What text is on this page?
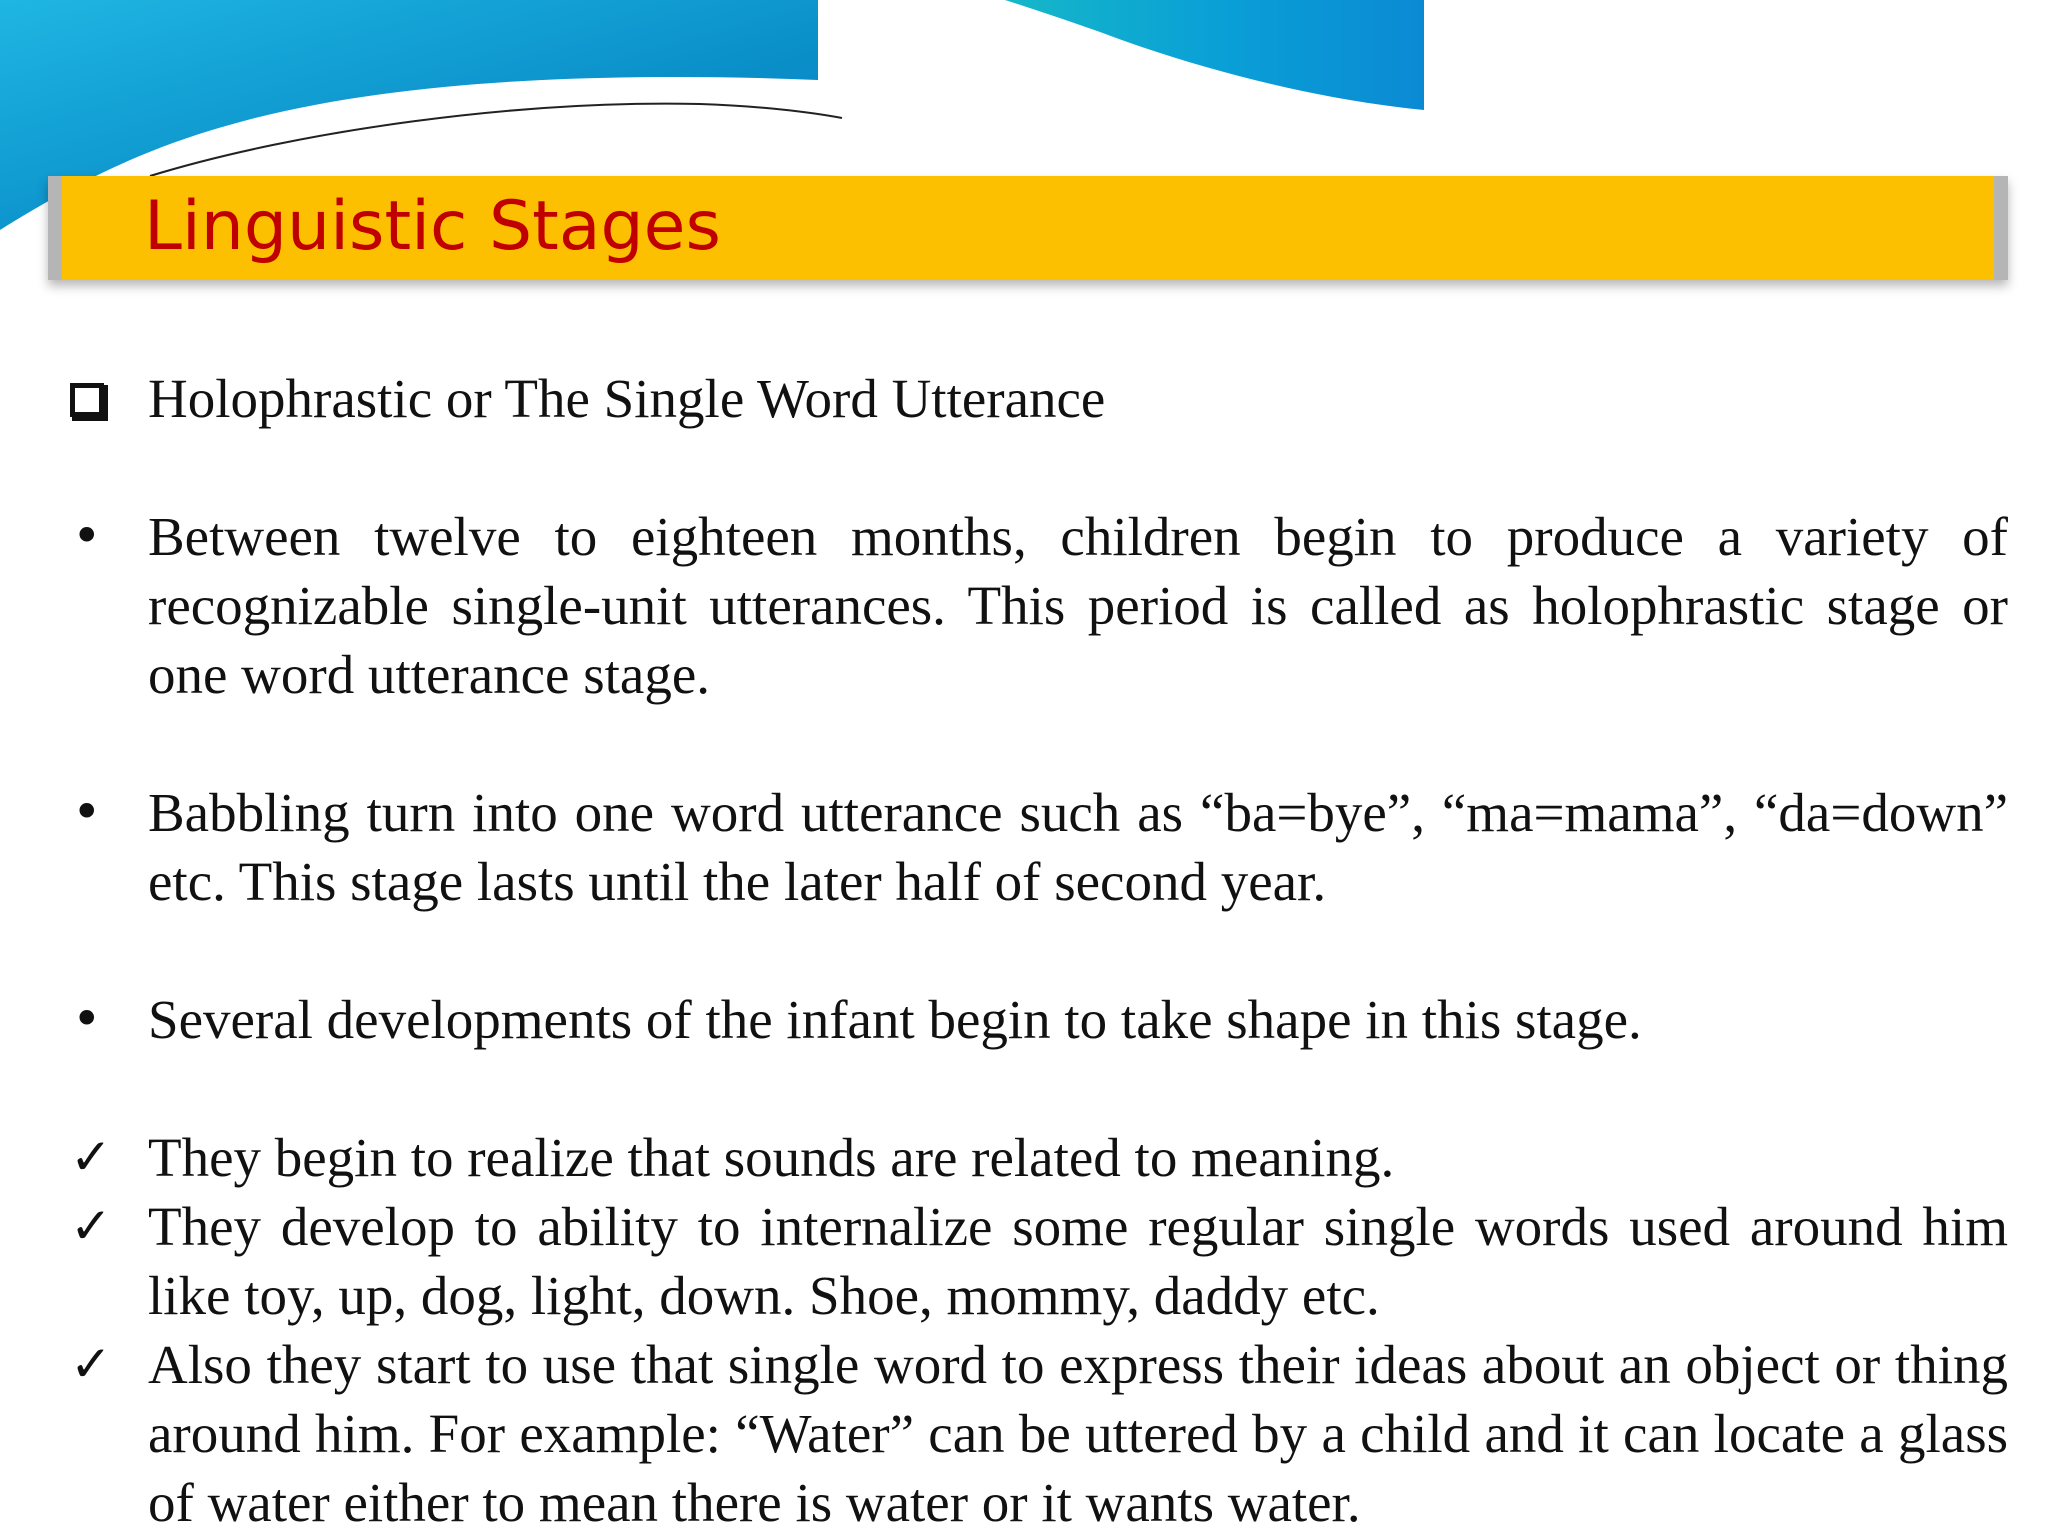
Linguistic Stages
Holophrastic or The Single Word Utterance
• Between twelve to eighteen months, children begin to produce a variety of recognizable single-unit utterances. This period is called as holophrastic stage or one word utterance stage.
• Babbling turn into one word utterance such as “ba=bye”, “ma=mama”, “da=down” etc. This stage lasts until the later half of second year.
• Several developments of the infant begin to take shape in this stage.
✓ They begin to realize that sounds are related to meaning.
✓ They develop to ability to internalize some regular single words used around him like toy, up, dog, light, down. Shoe, mommy, daddy etc.
✓ Also they start to use that single word to express their ideas about an object or thing around him. For example: “Water” can be uttered by a child and it can locate a glass of water either to mean there is water or it wants water.
